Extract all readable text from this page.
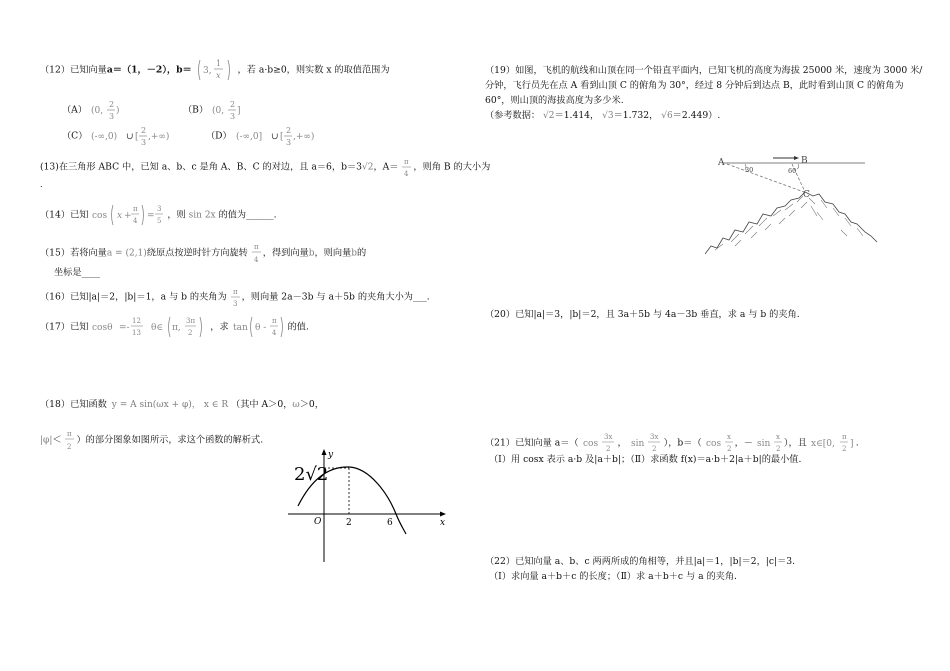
（12）已知向量a＝（1，－2），b＝ 3,
1
x ，若 a·b≥0，则实数 x 的取值范围为
（A） (0,
2
3
)	（B） (0,
2
3
]
（C） (-∞,0) ∪ [
2
3
,+∞)	（D） (-∞,0] ∪ [
2
3
,+∞)
(13)在三角形 ABC 中，已知 a、b、c 是角 A、B、C 的对边，且 a＝6，b＝3√2，A＝ π
4
，则角 B 的大小为
.
（14）已知 cos x +
π
4 =
3
5
，则 sin 2x 的值为______.
（15）若将向量a = (2,1)绕原点按逆时针方向旋转
π
4
，得到向量b，则向量b的
坐标是____
（16）已知|a|＝2，|b|＝1，a 与 b 的夹角为 π
3
，则向量 2a－3b 与 a＋5b 的夹角大小为___.
（17）已知 cosθ =-
12
13
θ∈ π,
3π
2
，求 tan θ -
π
4
的值.
（18）已知函数 y = A sin(ωx + φ)， x ∈ R （其中 A＞0，ω＞0，
|φ|＜
π
2
）的部分图象如图所示，求这个函数的解析式.
2√2
y
x
O	2	6
（19）如图，飞机的航线和山顶在同一个铅直平面内，已知飞机的高度为海拔 25000 米，速度为 3000 米/
分钟，飞行员先在点 A 看到山顶 C 的俯角为 30°，经过 8 分钟后到达点 B，此时看到山顶 C 的俯角为
60°，则山顶的海拔高度为多少米.
（参考数据： √2＝1.414， √3＝1.732， √6＝2.449）.
A	B
C
30	60
（20）已知|a|＝3，|b|＝2，且 3a＋5b 与 4a－3b 垂直，求 a 与 b 的夹角.
（21）已知向量 a＝（ cos
3x
2
， sin
3x
2
），b＝（ cos
x
2
，－ sin
x
2
），且 x∈[0,
π
2 ] .
（Ⅰ）用 cosx 表示 a·b 及|a＋b|；（Ⅱ）求函数 f(x)＝a·b＋2|a＋b|的最小值.
（22）已知向量 a、b、c 两两所成的角相等，并且|a|＝1，|b|＝2，|c|＝3.
（Ⅰ）求向量 a＋b＋c 的长度；（Ⅱ）求 a＋b＋c 与 a 的夹角.
